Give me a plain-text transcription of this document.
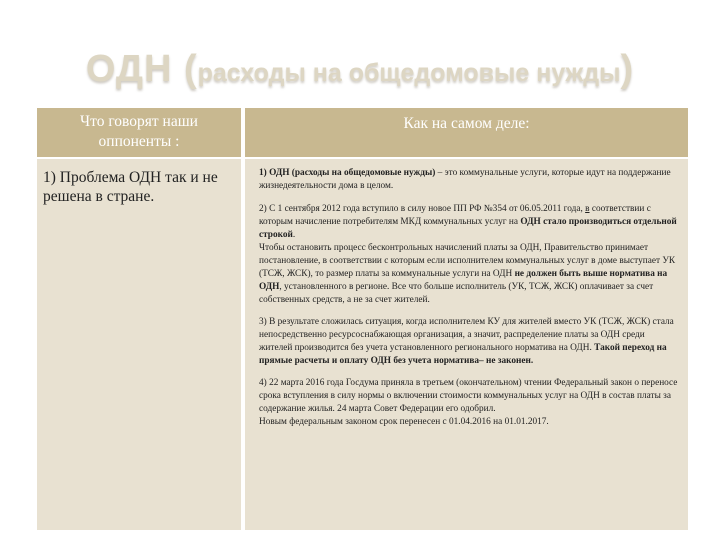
ОДН (расходы на общедомовые нужды)
Что говорят наши оппоненты :
Как на самом деле:
1) Проблема ОДН так и не решена в стране.

1) ОДН (расходы на общедомовые нужды) – это коммунальные услуги, которые идут на поддержание жизнедеятельности дома в целом.

2) С 1 сентября 2012 года вступило в силу новое ПП РФ №354 от 06.05.2011 года, в соответствии с которым начисление потребителям МКД коммунальных услуг на ОДН стало производиться отдельной строкой.
Чтобы остановить процесс бесконтрольных начислений платы за ОДН, Правительство принимает постановление, в соответствии с которым если исполнителем коммунальных услуг в доме выступает УК (ТСЖ, ЖСК), то размер платы за коммунальные услуги на ОДН не должен быть выше норматива на ОДН, установленного в регионе. Все что больше исполнитель (УК, ТСЖ, ЖСК) оплачивает за счет собственных средств, а не за счет жителей.

3) В результате сложилась ситуация, когда исполнителем КУ для жителей вместо УК (ТСЖ, ЖСК) стала непосредственно ресурсоснабжающая организация, а значит, распределение платы за ОДН среди жителей производится без учета установленного регионального норматива на ОДН. Такой переход на прямые расчеты и оплату ОДН без учета норматива– не законен.

4) 22 марта 2016 года Госдума приняла в третьем (окончательном) чтении Федеральный закон о переносе срока вступления в силу нормы о включении стоимости коммунальных услуг на ОДН в состав платы за содержание жилья. 24 марта Совет Федерации его одобрил.
Новым федеральным законом срок перенесен с 01.04.2016 на 01.01.2017.
